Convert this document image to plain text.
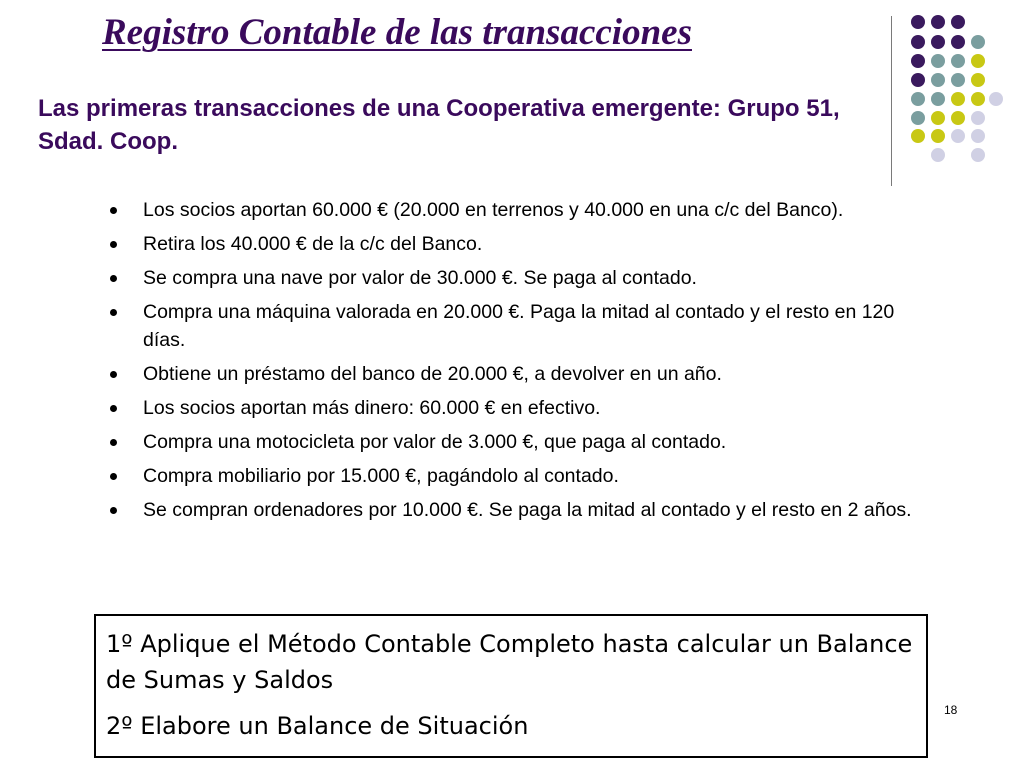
Registro Contable de las transacciones
Las primeras transacciones de una Cooperativa emergente: Grupo 51, Sdad. Coop.
Los socios aportan 60.000 € (20.000 en terrenos y 40.000 en una c/c del Banco).
Retira los 40.000 € de la c/c del Banco.
Se compra una nave por valor de 30.000 €. Se paga al contado.
Compra una máquina valorada en 20.000 €. Paga la mitad al contado y el resto en 120 días.
Obtiene un préstamo del banco de 20.000 €, a devolver en un año.
Los socios aportan más dinero: 60.000 € en efectivo.
Compra una motocicleta por valor de 3.000 €, que paga al contado.
Compra mobiliario por 15.000 €, pagándolo al contado.
Se compran ordenadores por 10.000 €. Se paga la mitad al contado y el resto en 2 años.

1º Aplique el Método Contable Completo hasta calcular un Balance de Sumas y Saldos

2º Elabore un Balance de Situación

18
